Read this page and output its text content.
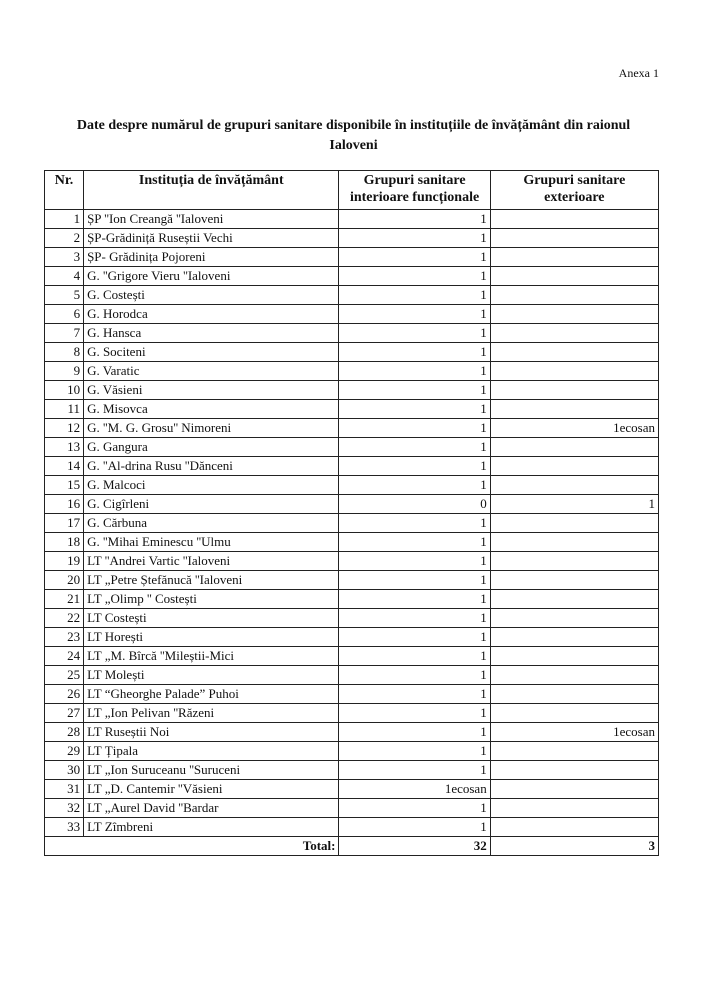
Anexa 1
Date despre numărul de grupuri sanitare disponibile în instituțiile de învățământ din raionul Ialoveni
Nr.	Instituția de învățământ	Grupuri sanitare interioare funcționale	Grupuri sanitare exterioare
1	ȘP ''Ion Creangă ''Ialoveni	1	
2	ȘP-Grădiniță Ruseștii Vechi	1	
3	ȘP- Grădinița Pojoreni	1	
4	G. ''Grigore Vieru ''Ialoveni	1	
5	G. Costești	1	
6	G. Horodca	1	
7	G. Hansca	1	
8	G. Sociteni	1	
9	G. Varatic	1	
10	G. Văsieni	1	
11	G. Misovca	1	
12	G. ''M. G. Grosu'' Nimoreni	1	1ecosan
13	G. Gangura	1	
14	G. ''Al-drina Rusu ''Dănceni	1	
15	G. Malcoci	1	
16	G. Cigîrleni	0	1
17	G. Cărbuna	1	
18	G. ''Mihai Eminescu ''Ulmu	1	
19	LT ''Andrei Vartic ''Ialoveni	1	
20	LT „Petre Ștefănucă ''Ialoveni	1	
21	LT „Olimp '' Costești	1	
22	LT Costești	1	
23	LT Horești	1	
24	LT „M. Bîrcă ''Mileștii-Mici	1	
25	LT Molești	1	
26	LT “Gheorghe Palade” Puhoi	1	
27	LT „Ion Pelivan ''Răzeni	1	
28	LT Ruseștii Noi	1	1ecosan
29	LT Țipala	1	
30	LT „Ion Suruceanu ''Suruceni	1	
31	LT „D. Cantemir ''Văsieni	1ecosan	
32	LT „Aurel David ''Bardar	1	
33	LT Zîmbreni	1	
	Total:	32	3
